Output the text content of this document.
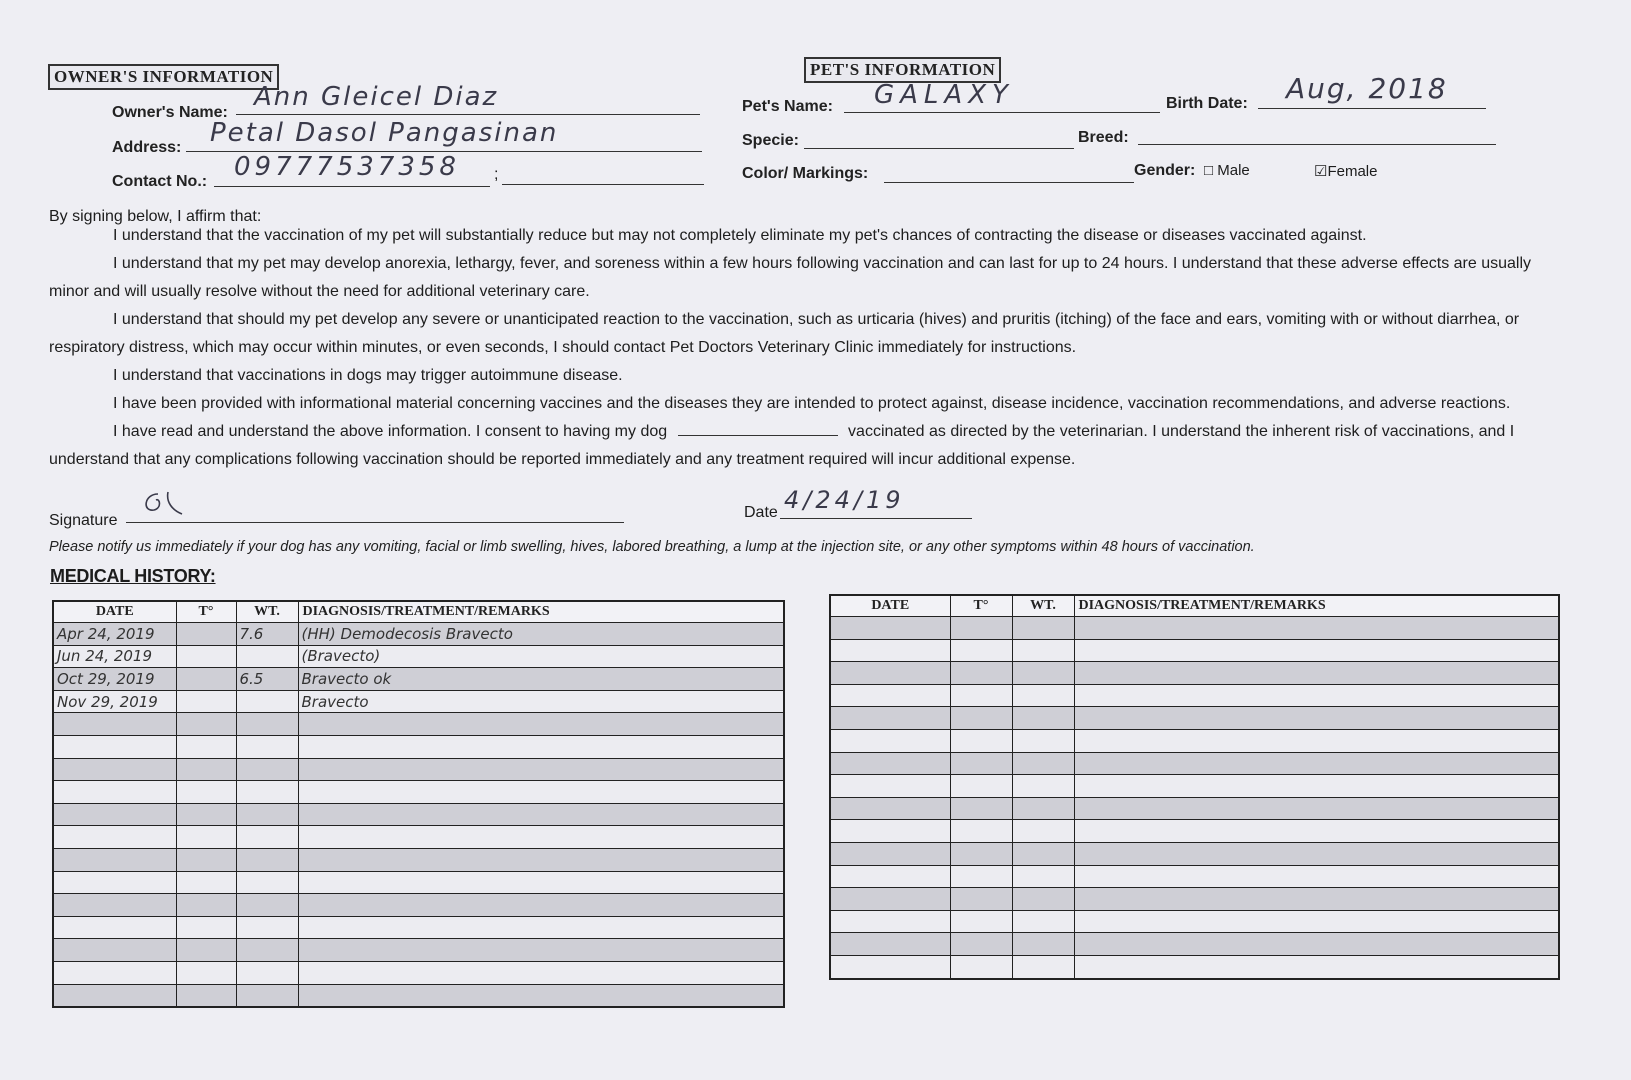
OWNER'S INFORMATION
Owner's Name:
Ann Gleicel Diaz
Address: Petal Dasol Pangasinan
Contact No.: 09777537358 ;
PET'S INFORMATION
Pet's Name: GALAXY	Birth Date: Aug, 2018
Specie:	Breed:
Color/ Markings:	Gender: □ Male	☑Female
By signing below, I affirm that:

I understand that the vaccination of my pet will substantially reduce but may not completely eliminate my pet's chances of contracting the disease or diseases vaccinated against.

I understand that my pet may develop anorexia, lethargy, fever, and soreness within a few hours following vaccination and can last for up to 24 hours. I understand that these adverse effects are usually minor and will usually resolve without the need for additional veterinary care.

I understand that should my pet develop any severe or unanticipated reaction to the vaccination, such as urticaria (hives) and pruritis (itching) of the face and ears, vomiting with or without diarrhea, or respiratory distress, which may occur within minutes, or even seconds, I should contact Pet Doctors Veterinary Clinic immediately for instructions.

I understand that vaccinations in dogs may trigger autoimmune disease.

I have been provided with informational material concerning vaccines and the diseases they are intended to protect against, disease incidence, vaccination recommendations, and adverse reactions.

I have read and understand the above information. I consent to having my dog	vaccinated as directed by the veterinarian. I understand the inherent risk of vaccinations, and I understand that any complications following vaccination should be reported immediately and any treatment required will incur additional expense.

Signature	Date 4/24/19
Please notify us immediately if your dog has any vomiting, facial or limb swelling, hives, labored breathing, a lump at the injection site, or any other symptoms within 48 hours of vaccination.
MEDICAL HISTORY:
DATE	T°	WT.	DIAGNOSIS/TREATMENT/REMARKS
Apr 24, 2019		7.6	(HH) Demodecosis Bravecto
Jun 24, 2019			(Bravecto)
Oct 29, 2019		6.5	Bravecto ok
Nov 29, 2019			Bravecto

DATE	T°	WT.	DIAGNOSIS/TREATMENT/REMARKS
